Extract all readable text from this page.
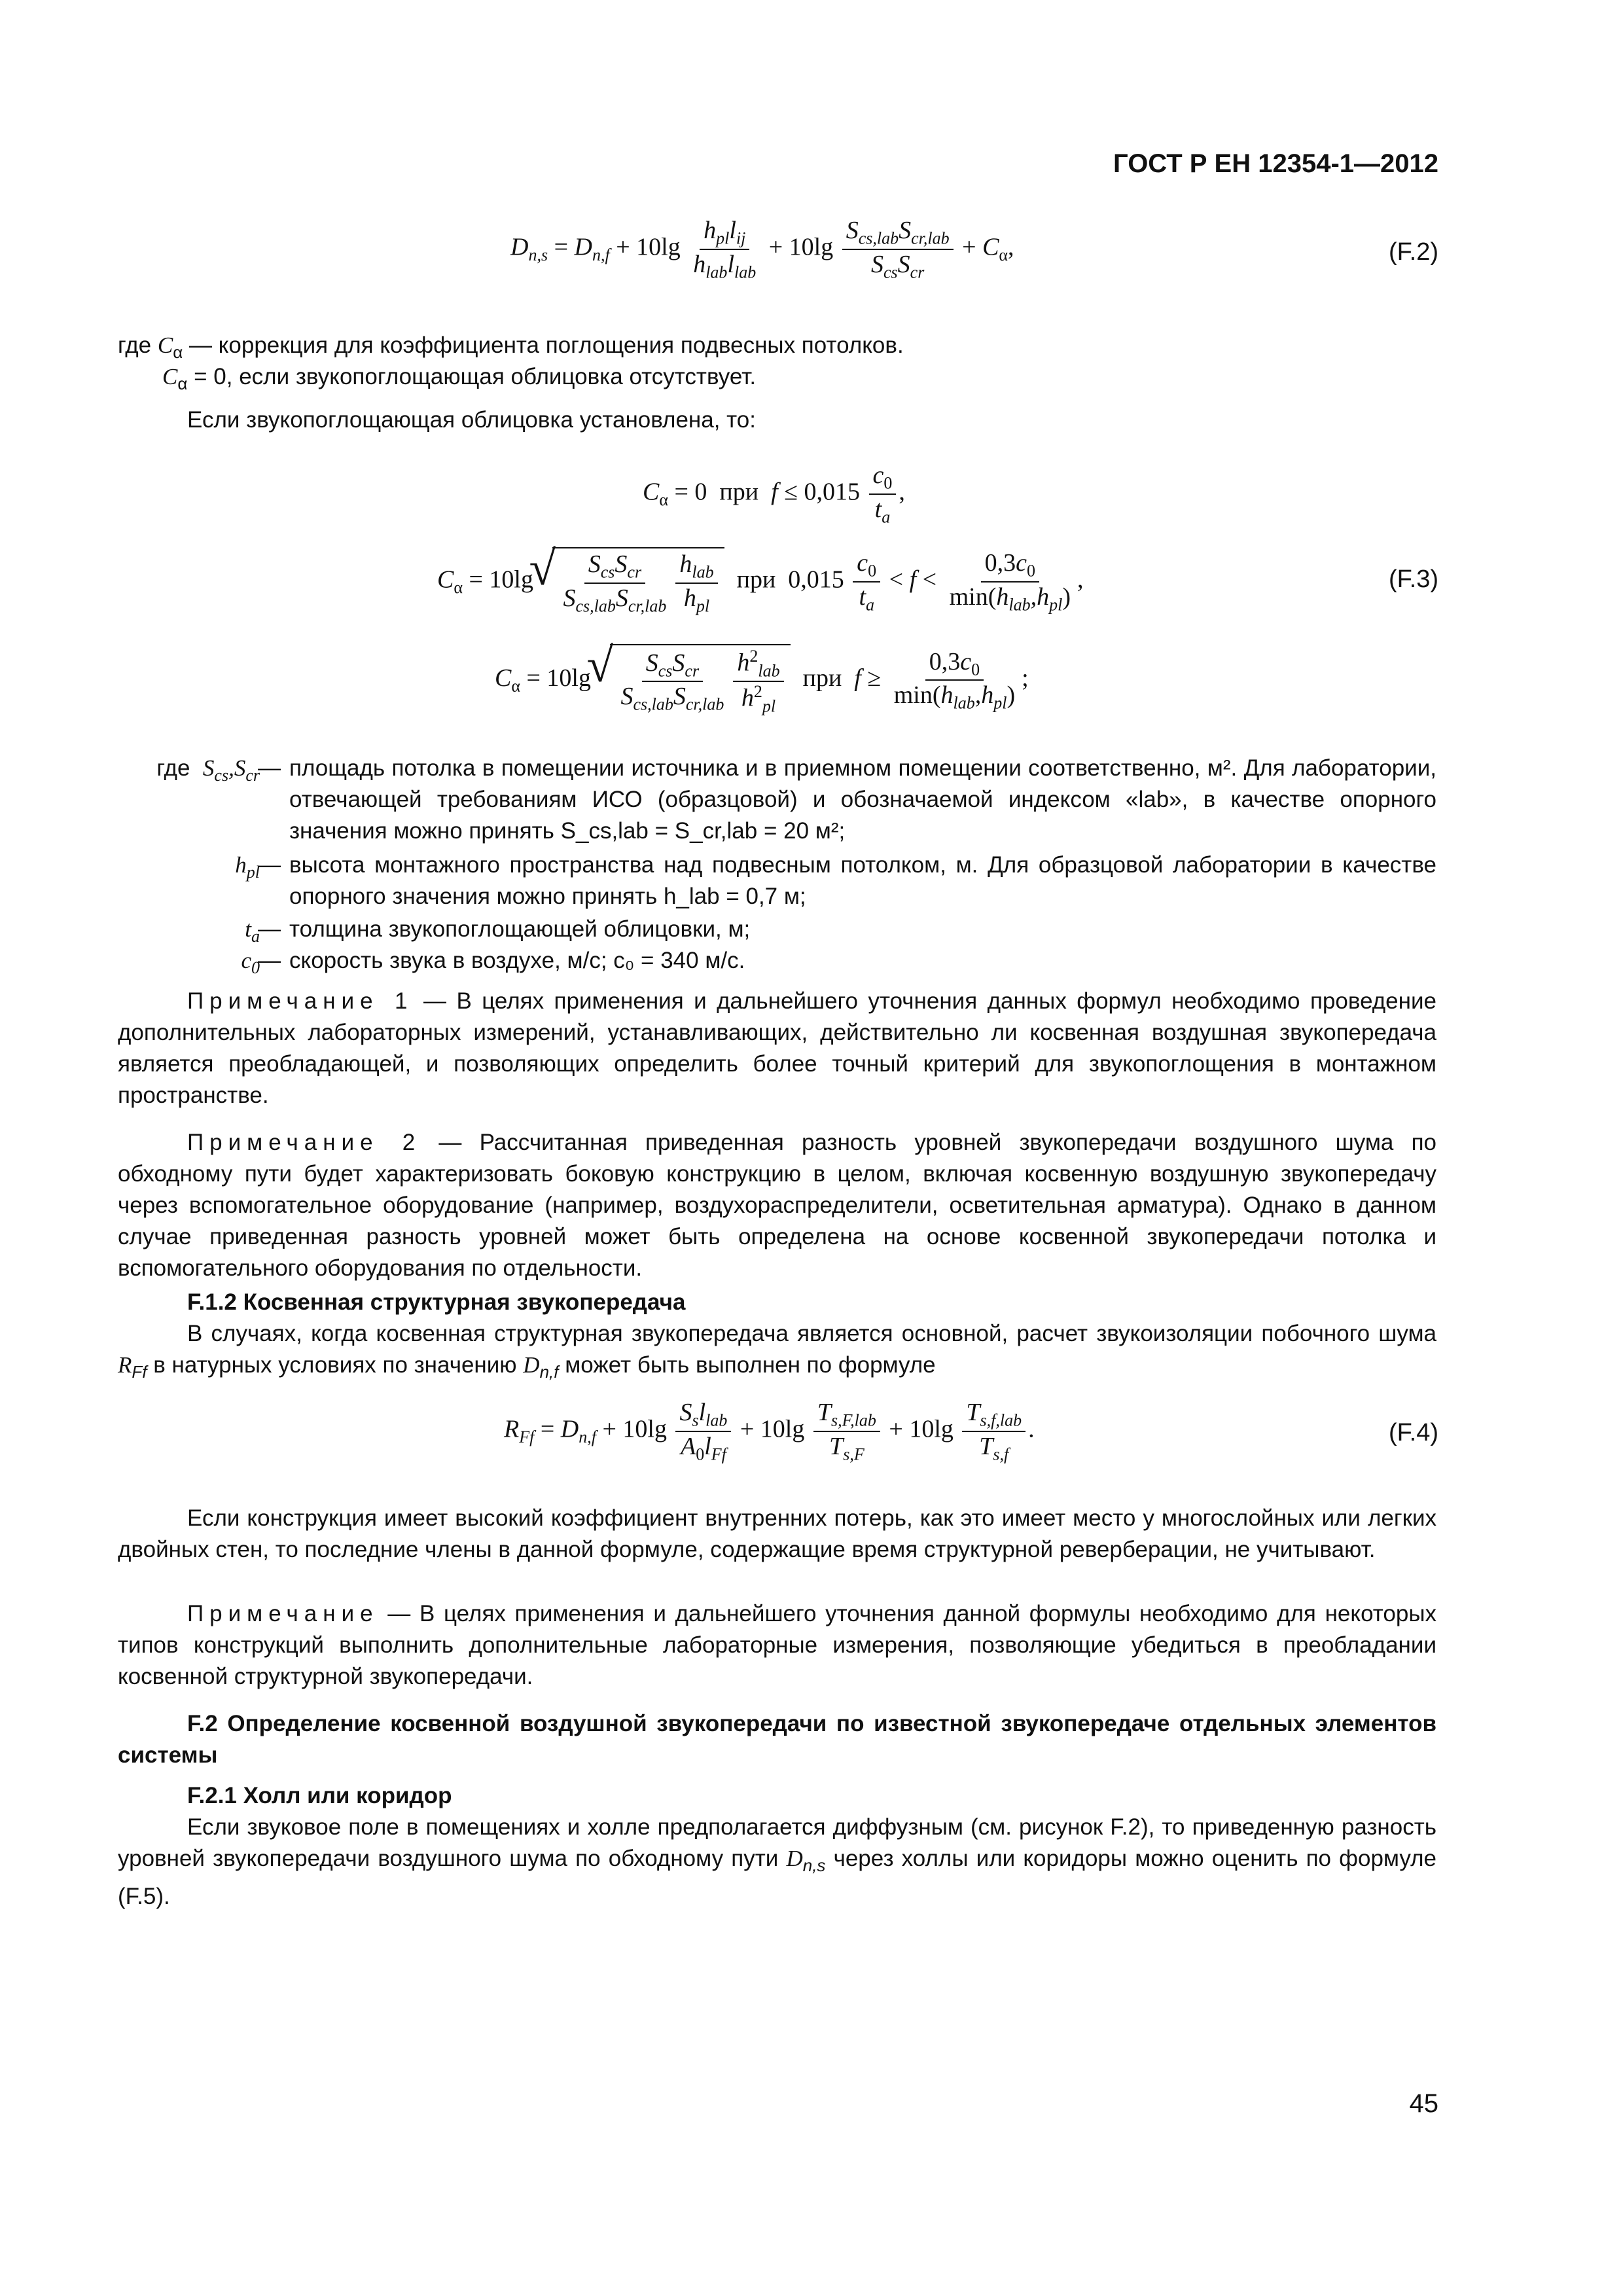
ГОСТ Р ЕН 12354-1—2012
$D_{n,s} = D_{n,f} + 10\lg \frac{h_{pl}l_{ij}}{h_{lab}l_{lab}} + 10\lg \frac{S_{cs,lab}S_{cr,lab}}{S_{cs}S_{cr}} + C_\alpha$,	(F.2)
где $C_\alpha$ — коррекция для коэффициента поглощения подвесных потолков.
$C_\alpha = 0$, если звукопоглощающая облицовка отсутствует.
Если звукопоглощающая облицовка установлена, то:
$C_\alpha = 0$ при $f \le 0,015 \frac{c_0}{t_a}$ ,
$C_\alpha = 10\lg$ √ $\frac{S_{cs}S_{cr}}{S_{cs,lab}S_{cr,lab}} \frac{h_{lab}}{h_{pl}}$ при $0,015 \frac{c_0}{t_a} < f < \frac{0,3c_0}{\min(h_{lab},h_{pl})}$ ,	(F.3)
$C_\alpha = 10\lg$ √ $\frac{S_{cs}S_{cr}}{S_{cs,lab}S_{cr,lab}} \frac{h^2_{lab}}{h^2_{pl}}$ при $f \ge \frac{0,3c_0}{\min(h_{lab},h_{pl})}$ ;
где $S_{cs},S_{cr}$
— площадь потолка в помещении источника и в приемном помещении соответственно, м². Для лаборатории, отвечающей требованиям ИСО (образцовой) и обозначаемой индексом «lab», в качестве опорного значения можно принять S_cs,lab = S_cr,lab = 20 м²;
$h_{pl}$
— высота монтажного пространства над подвесным потолком, м. Для образцовой лаборатории в качестве опорного значения можно принять h_lab = 0,7 м;
$t_a$
— толщина звукопоглощающей облицовки, м;
$c_0$
— скорость звука в воздухе, м/с; c₀ = 340 м/с.
Примечание 1 — В целях применения и дальнейшего уточнения данных формул необходимо проведение дополнительных лабораторных измерений, устанавливающих, действительно ли косвенная воздушная звукопередача является преобладающей, и позволяющих определить более точный критерий для звукопоглощения в монтажном пространстве.
Примечание 2 — Рассчитанная приведенная разность уровней звукопередачи воздушного шума по обходному пути будет характеризовать боковую конструкцию в целом, включая косвенную воздушную звукопередачу через вспомогательное оборудование (например, воздухораспределители, осветительная арматура). Однако в данном случае приведенная разность уровней может быть определена на основе косвенной звукопередачи потолка и вспомогательного оборудования по отдельности.
F.1.2 Косвенная структурная звукопередача
В случаях, когда косвенная структурная звукопередача является основной, расчет звукоизоляции побочного шума $R_{Ff}$ в натурных условиях по значению $D_{n,f}$ может быть выполнен по формуле
$R_{Ff} = D_{n,f} + 10\lg \frac{S_sl_{lab}}{A_0l_{Ff}} + 10\lg \frac{T_{s,F,lab}}{T_{s,F}} + 10\lg \frac{T_{s,f,lab}}{T_{s,f}}$ .	(F.4)
Если конструкция имеет высокий коэффициент внутренних потерь, как это имеет место у многослойных или легких двойных стен, то последние члены в данной формуле, содержащие время структурной реверберации, не учитывают.
Примечание — В целях применения и дальнейшего уточнения данной формулы необходимо для некоторых типов конструкций выполнить дополнительные лабораторные измерения, позволяющие убедиться в преобладании косвенной структурной звукопередачи.
F.2 Определение косвенной воздушной звукопередачи по известной звукопередаче отдельных элементов системы
F.2.1 Холл или коридор
Если звуковое поле в помещениях и холле предполагается диффузным (см. рисунок F.2), то приведенную разность уровней звукопередачи воздушного шума по обходному пути $D_{n,s}$ через холлы или коридоры можно оценить по формуле (F.5).
45
